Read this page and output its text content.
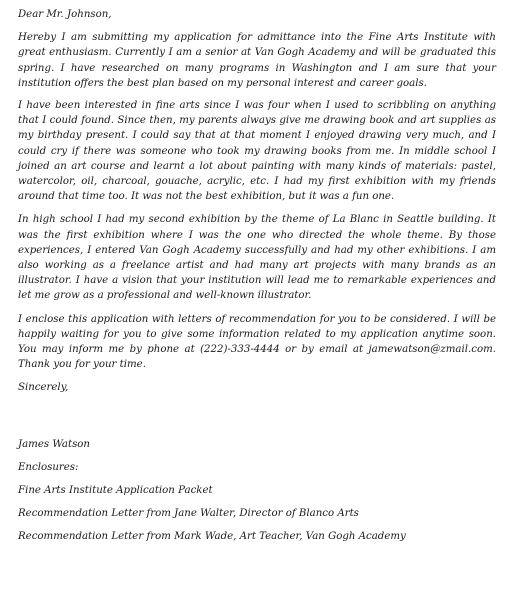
Dear Mr. Johnson,

Hereby I am submitting my application for admittance into the Fine Arts Institute with great enthusiasm. Currently I am a senior at Van Gogh Academy and will be graduated this spring. I have researched on many programs in Washington and I am sure that your institution offers the best plan based on my personal interest and career goals.

I have been interested in fine arts since I was four when I used to scribbling on anything that I could found. Since then, my parents always give me drawing book and art supplies as my birthday present. I could say that at that moment I enjoyed drawing very much, and I could cry if there was someone who took my drawing books from me. In middle school I joined an art course and learnt a lot about painting with many kinds of materials: pastel, watercolor, oil, charcoal, gouache, acrylic, etc. I had my first exhibition with my friends around that time too. It was not the best exhibition, but it was a fun one.

In high school I had my second exhibition by the theme of La Blanc in Seattle building. It was the first exhibition where I was the one who directed the whole theme. By those experiences, I entered Van Gogh Academy successfully and had my other exhibitions. I am also working as a freelance artist and had many art projects with many brands as an illustrator. I have a vision that your institution will lead me to remarkable experiences and let me grow as a professional and well-known illustrator.

I enclose this application with letters of recommendation for you to be considered. I will be happily waiting for you to give some information related to my application anytime soon. You may inform me by phone at (222)-333-4444 or by email at jamewatson@zmail.com. Thank you for your time.

Sincerely,

James Watson

Enclosures:

Fine Arts Institute Application Packet

Recommendation Letter from Jane Walter, Director of Blanco Arts

Recommendation Letter from Mark Wade, Art Teacher, Van Gogh Academy
